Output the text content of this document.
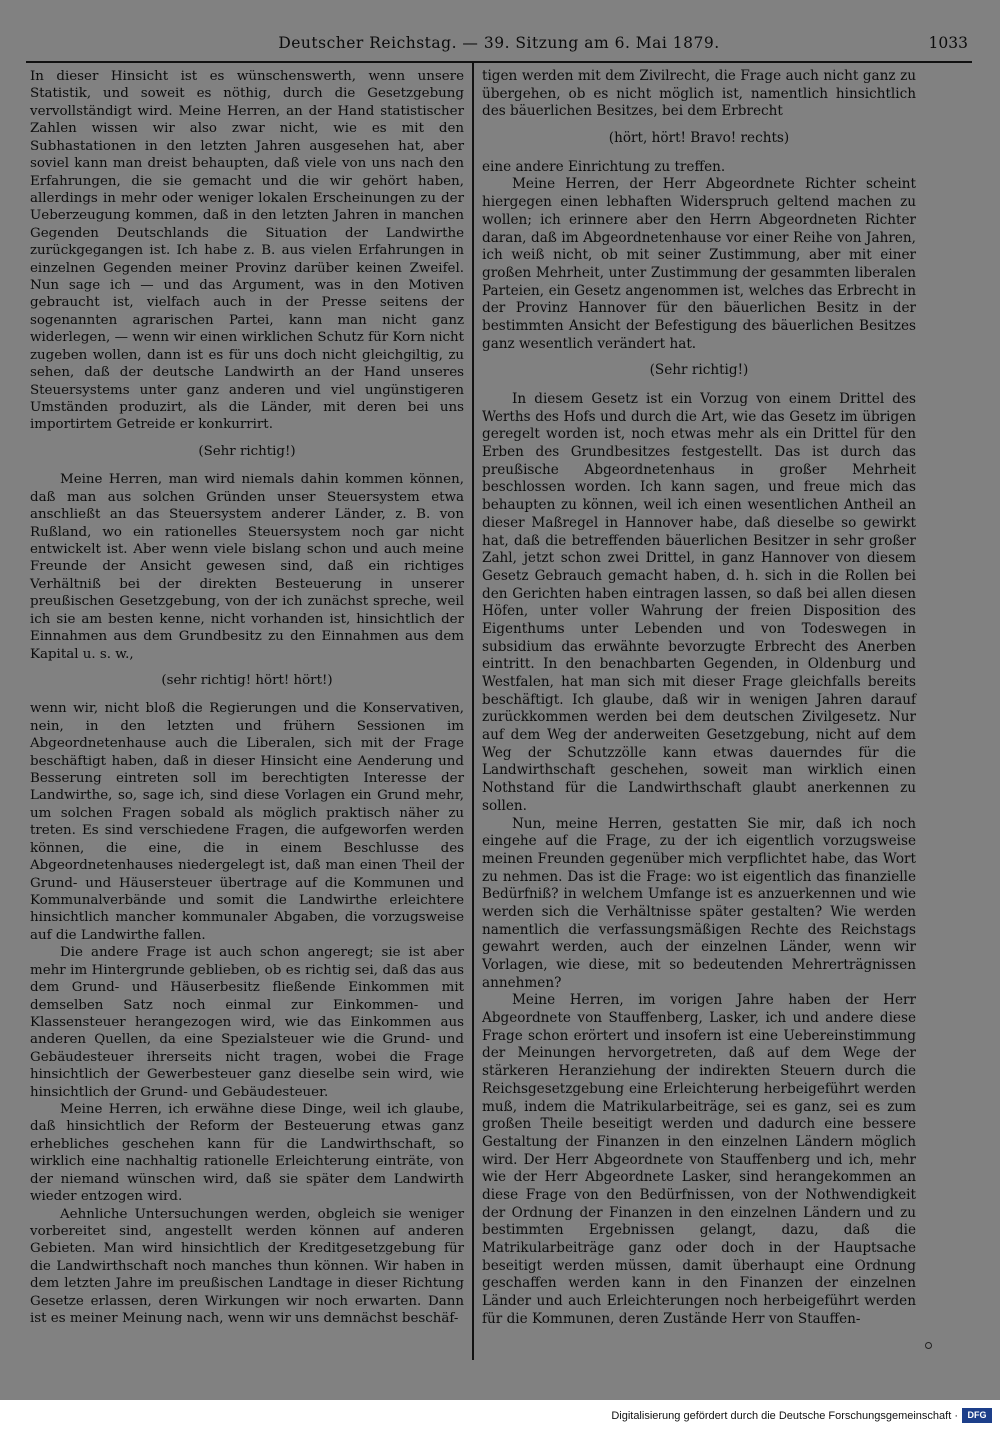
Deutscher Reichstag. — 39. Sitzung am 6. Mai 1879.	1033

In dieser Hinsicht ist es wünschenswerth, wenn unsere Statistik, und soweit es nöthig, durch die Gesetzgebung vervollständigt wird. Meine Herren, an der Hand statistischer Zahlen wissen wir also zwar nicht, wie es mit den Subhastationen in den letzten Jahren ausgesehen hat, aber soviel kann man dreist behaupten, daß viele von uns nach den Erfahrungen, die sie gemacht und die wir gehört haben, allerdings in mehr oder weniger lokalen Erscheinungen zu der Ueberzeugung kommen, daß in den letzten Jahren in manchen Gegenden Deutschlands die Situation der Landwirthe zurückgegangen ist. Ich habe z. B. aus vielen Erfahrungen in einzelnen Gegenden meiner Provinz darüber keinen Zweifel. Nun sage ich — und das Argument, was in den Motiven gebraucht ist, vielfach auch in der Presse seitens der sogenannten agrarischen Partei, kann man nicht ganz widerlegen, — wenn wir einen wirklichen Schutz für Korn nicht zugeben wollen, dann ist es für uns doch nicht gleichgiltig, zu sehen, daß der deutsche Landwirth an der Hand unseres Steuersystems unter ganz anderen und viel ungünstigeren Umständen produzirt, als die Länder, mit deren bei uns importirtem Getreide er konkurrirt.

(Sehr richtig!)

Meine Herren, man wird niemals dahin kommen können, daß man aus solchen Gründen unser Steuersystem etwa anschließt an das Steuersystem anderer Länder, z. B. von Rußland, wo ein rationelles Steuersystem noch gar nicht entwickelt ist. Aber wenn viele bislang schon und auch meine Freunde der Ansicht gewesen sind, daß ein richtiges Verhältniß bei der direkten Besteuerung in unserer preußischen Gesetzgebung, von der ich zunächst spreche, weil ich sie am besten kenne, nicht vorhanden ist, hinsichtlich der Einnahmen aus dem Grundbesitz zu den Einnahmen aus dem Kapital u. s. w.,

(sehr richtig! hört! hört!)

wenn wir, nicht bloß die Regierungen und die Konservativen, nein, in den letzten und frühern Sessionen im Abgeordnetenhause auch die Liberalen, sich mit der Frage beschäftigt haben, daß in dieser Hinsicht eine Aenderung und Besserung eintreten soll im berechtigten Interesse der Landwirthe, so, sage ich, sind diese Vorlagen ein Grund mehr, um solchen Fragen sobald als möglich praktisch näher zu treten. Es sind verschiedene Fragen, die aufgeworfen werden können, die eine, die in einem Beschlusse des Abgeordnetenhauses niedergelegt ist, daß man einen Theil der Grund- und Häusersteuer übertrage auf die Kommunen und Kommunalverbände und somit die Landwirthe erleichtere hinsichtlich mancher kommunaler Abgaben, die vorzugsweise auf die Landwirthe fallen.

Die andere Frage ist auch schon angeregt; sie ist aber mehr im Hintergrunde geblieben, ob es richtig sei, daß das aus dem Grund- und Häuserbesitz fließende Einkommen mit demselben Satz noch einmal zur Einkommen- und Klassensteuer herangezogen wird, wie das Einkommen aus anderen Quellen, da eine Spezialsteuer wie die Grund- und Gebäudesteuer ihrerseits nicht tragen, wobei die Frage hinsichtlich der Gewerbesteuer ganz dieselbe sein wird, wie hinsichtlich der Grund- und Gebäudesteuer.

Meine Herren, ich erwähne diese Dinge, weil ich glaube, daß hinsichtlich der Reform der Besteuerung etwas ganz erhebliches geschehen kann für die Landwirthschaft, so wirklich eine nachhaltig rationelle Erleichterung einträte, von der niemand wünschen wird, daß sie später dem Landwirth wieder entzogen wird.

Aehnliche Untersuchungen werden, obgleich sie weniger vorbereitet sind, angestellt werden können auf anderen Gebieten. Man wird hinsichtlich der Kreditgesetzgebung für die Landwirthschaft noch manches thun können. Wir haben in dem letzten Jahre im preußischen Landtage in dieser Richtung Gesetze erlassen, deren Wirkungen wir noch erwarten. Dann ist es meiner Meinung nach, wenn wir uns demnächst beschäf-

tigen werden mit dem Zivilrecht, die Frage auch nicht ganz zu übergehen, ob es nicht möglich ist, namentlich hinsichtlich des bäuerlichen Besitzes, bei dem Erbrecht

(hört, hört! Bravo! rechts)

eine andere Einrichtung zu treffen.

Meine Herren, der Herr Abgeordnete Richter scheint hiergegen einen lebhaften Widerspruch geltend machen zu wollen; ich erinnere aber den Herrn Abgeordneten Richter daran, daß im Abgeordnetenhause vor einer Reihe von Jahren, ich weiß nicht, ob mit seiner Zustimmung, aber mit einer großen Mehrheit, unter Zustimmung der gesammten liberalen Parteien, ein Gesetz angenommen ist, welches das Erbrecht in der Provinz Hannover für den bäuerlichen Besitz in der bestimmten Ansicht der Befestigung des bäuerlichen Besitzes ganz wesentlich verändert hat.

(Sehr richtig!)

In diesem Gesetz ist ein Vorzug von einem Drittel des Werths des Hofs und durch die Art, wie das Gesetz im übrigen geregelt worden ist, noch etwas mehr als ein Drittel für den Erben des Grundbesitzes festgestellt. Das ist durch das preußische Abgeordnetenhaus in großer Mehrheit beschlossen worden. Ich kann sagen, und freue mich das behaupten zu können, weil ich einen wesentlichen Antheil an dieser Maßregel in Hannover habe, daß dieselbe so gewirkt hat, daß die betreffenden bäuerlichen Besitzer in sehr großer Zahl, jetzt schon zwei Drittel, in ganz Hannover von diesem Gesetz Gebrauch gemacht haben, d. h. sich in die Rollen bei den Gerichten haben eintragen lassen, so daß bei allen diesen Höfen, unter voller Wahrung der freien Disposition des Eigenthums unter Lebenden und von Todeswegen in subsidium das erwähnte bevorzugte Erbrecht des Anerben eintritt. In den benachbarten Gegenden, in Oldenburg und Westfalen, hat man sich mit dieser Frage gleichfalls bereits beschäftigt. Ich glaube, daß wir in wenigen Jahren darauf zurückkommen werden bei dem deutschen Zivilgesetz. Nur auf dem Weg der anderweiten Gesetzgebung, nicht auf dem Weg der Schutzzölle kann etwas dauerndes für die Landwirthschaft geschehen, soweit man wirklich einen Nothstand für die Landwirthschaft glaubt anerkennen zu sollen.

Nun, meine Herren, gestatten Sie mir, daß ich noch eingehe auf die Frage, zu der ich eigentlich vorzugsweise meinen Freunden gegenüber mich verpflichtet habe, das Wort zu nehmen. Das ist die Frage: wo ist eigentlich das finanzielle Bedürfniß? in welchem Umfange ist es anzuerkennen und wie werden sich die Verhältnisse später gestalten? Wie werden namentlich die verfassungsmäßigen Rechte des Reichstags gewahrt werden, auch der einzelnen Länder, wenn wir Vorlagen, wie diese, mit so bedeutenden Mehrerträgnissen annehmen?

Meine Herren, im vorigen Jahre haben der Herr Abgeordnete von Stauffenberg, Lasker, ich und andere diese Frage schon erörtert und insofern ist eine Uebereinstimmung der Meinungen hervorgetreten, daß auf dem Wege der stärkeren Heranziehung der indirekten Steuern durch die Reichsgesetzgebung eine Erleichterung herbeigeführt werden muß, indem die Matrikularbeiträge, sei es ganz, sei es zum großen Theile beseitigt werden und dadurch eine bessere Gestaltung der Finanzen in den einzelnen Ländern möglich wird. Der Herr Abgeordnete von Stauffenberg und ich, mehr wie der Herr Abgeordnete Lasker, sind herangekommen an diese Frage von den Bedürfnissen, von der Nothwendigkeit der Ordnung der Finanzen in den einzelnen Ländern und zu bestimmten Ergebnissen gelangt, dazu, daß die Matrikularbeiträge ganz oder doch in der Hauptsache beseitigt werden müssen, damit überhaupt eine Ordnung geschaffen werden kann in den Finanzen der einzelnen Länder und auch Erleichterungen noch herbeigeführt werden für die Kommunen, deren Zustände Herr von Stauffen-

Digitalisierung gefördert durch die Deutsche Forschungsgemeinschaft ·	DFG
